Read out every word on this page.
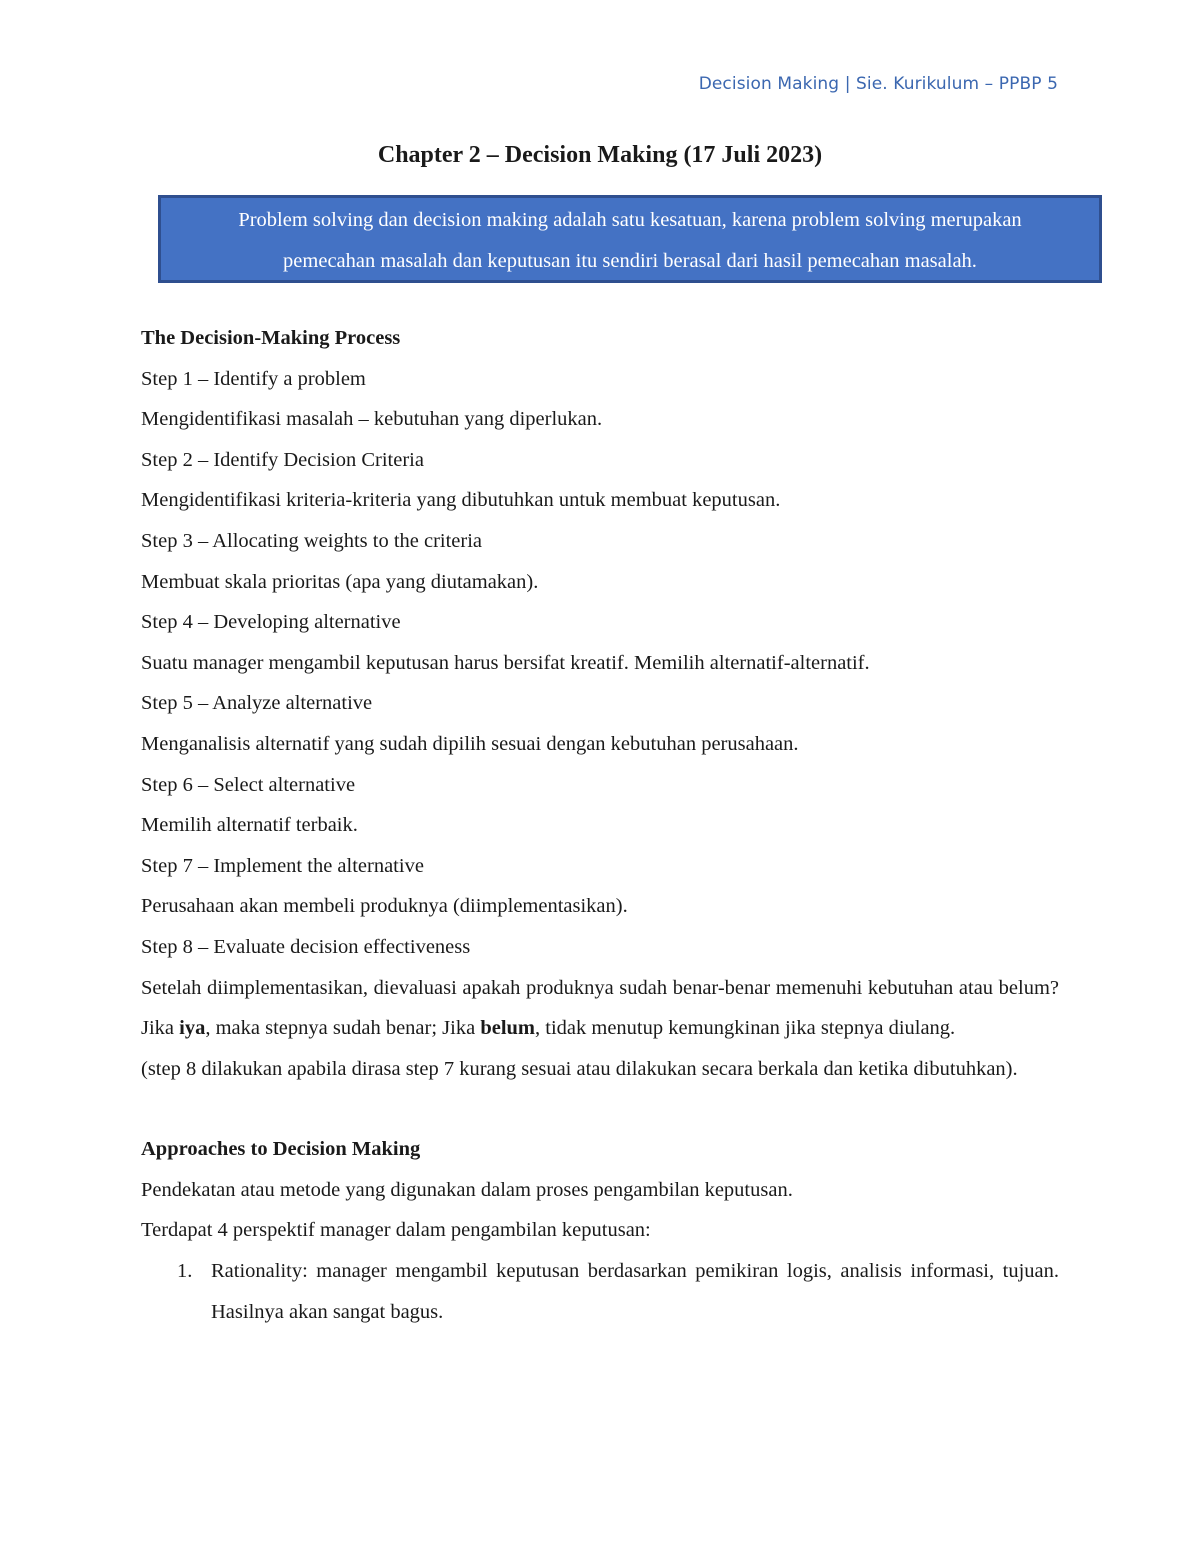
Decision Making | Sie. Kurikulum – PPBP 5
Chapter 2 – Decision Making (17 Juli 2023)
Problem solving dan decision making adalah satu kesatuan, karena problem solving merupakan
pemecahan masalah dan keputusan itu sendiri berasal dari hasil pemecahan masalah.

The Decision-Making Process

Step 1 – Identify a problem

Mengidentifikasi masalah – kebutuhan yang diperlukan.

Step 2 – Identify Decision Criteria

Mengidentifikasi kriteria-kriteria yang dibutuhkan untuk membuat keputusan.

Step 3 – Allocating weights to the criteria

Membuat skala prioritas (apa yang diutamakan).

Step 4 – Developing alternative

Suatu manager mengambil keputusan harus bersifat kreatif. Memilih alternatif-alternatif.

Step 5 – Analyze alternative

Menganalisis alternatif yang sudah dipilih sesuai dengan kebutuhan perusahaan.

Step 6 – Select alternative

Memilih alternatif terbaik.

Step 7 – Implement the alternative

Perusahaan akan membeli produknya (diimplementasikan).

Step 8 – Evaluate decision effectiveness

Setelah diimplementasikan, dievaluasi apakah produknya sudah benar-benar memenuhi kebutuhan atau belum? Jika iya, maka stepnya sudah benar; Jika belum, tidak menutup kemungkinan jika stepnya diulang.

(step 8 dilakukan apabila dirasa step 7 kurang sesuai atau dilakukan secara berkala dan ketika dibutuhkan).

Approaches to Decision Making

Pendekatan atau metode yang digunakan dalam proses pengambilan keputusan.

Terdapat 4 perspektif manager dalam pengambilan keputusan:

1. Rationality: manager mengambil keputusan berdasarkan pemikiran logis, analisis informasi, tujuan. Hasilnya akan sangat bagus.
